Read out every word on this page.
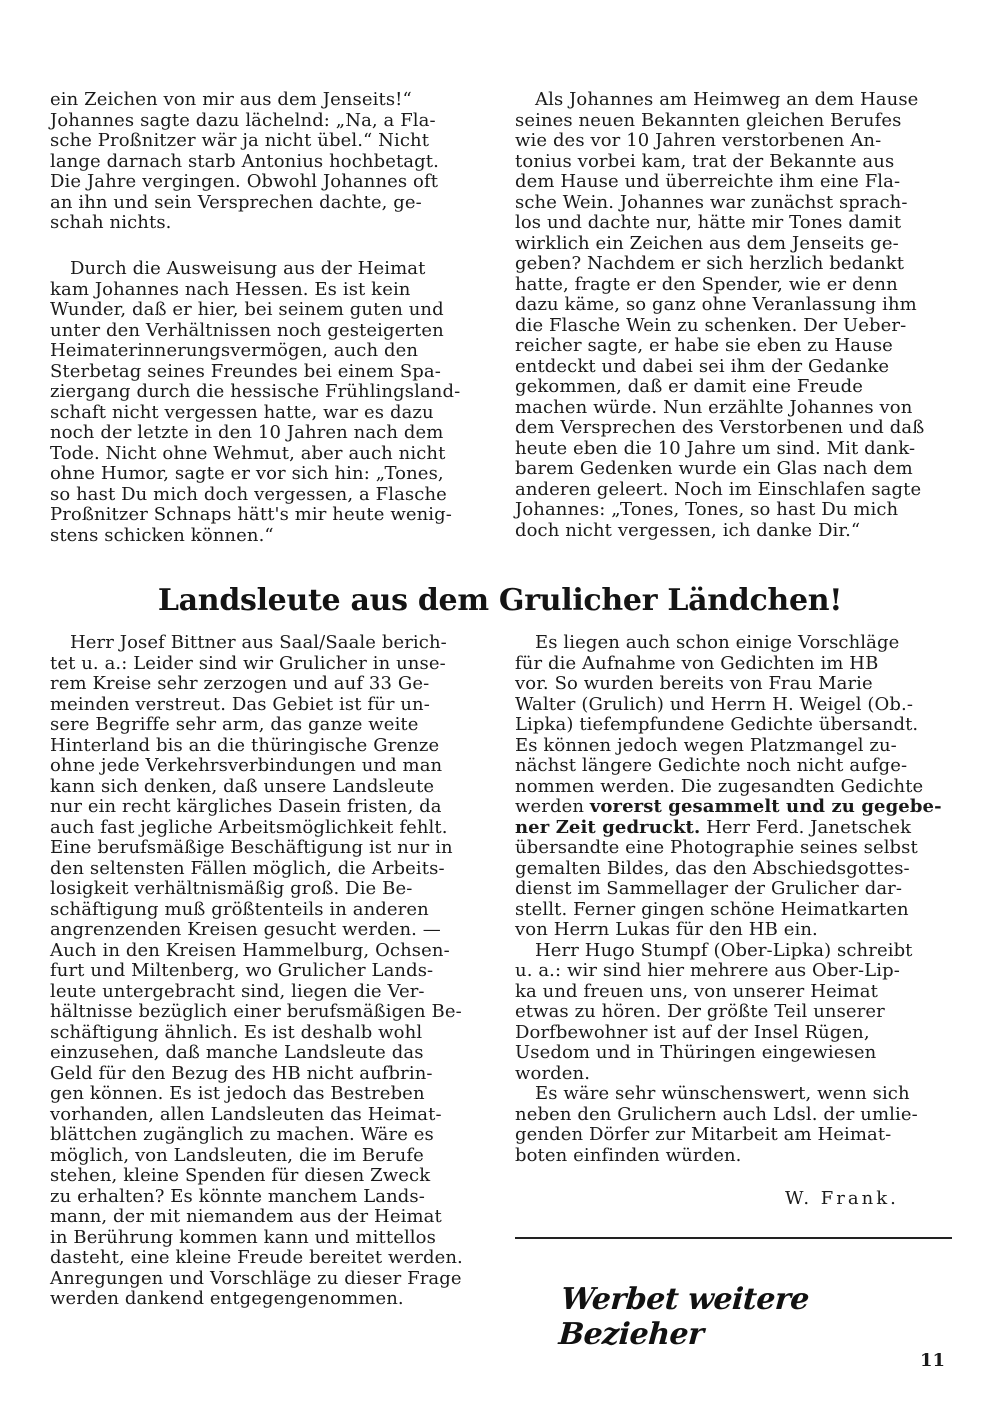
ein Zeichen von mir aus dem Jenseits!“
Johannes sagte dazu lächelnd: „Na, a Fla-
sche Proßnitzer wär ja nicht übel.“ Nicht
lange darnach starb Antonius hochbetagt.
Die Jahre vergingen. Obwohl Johannes oft
an ihn und sein Versprechen dachte, ge-
schah nichts.
Durch die Ausweisung aus der Heimat
kam Johannes nach Hessen. Es ist kein
Wunder, daß er hier, bei seinem guten und
unter den Verhältnissen noch gesteigerten
Heimaterinnerungsvermögen, auch den
Sterbetag seines Freundes bei einem Spa-
ziergang durch die hessische Frühlingsland-
schaft nicht vergessen hatte, war es dazu
noch der letzte in den 10 Jahren nach dem
Tode. Nicht ohne Wehmut, aber auch nicht
ohne Humor, sagte er vor sich hin: „Tones,
so hast Du mich doch vergessen, a Flasche
Proßnitzer Schnaps hätt's mir heute wenig-
stens schicken können.“
Als Johannes am Heimweg an dem Hause
seines neuen Bekannten gleichen Berufes
wie des vor 10 Jahren verstorbenen An-
tonius vorbei kam, trat der Bekannte aus
dem Hause und überreichte ihm eine Fla-
sche Wein. Johannes war zunächst sprach-
los und dachte nur, hätte mir Tones damit
wirklich ein Zeichen aus dem Jenseits ge-
geben? Nachdem er sich herzlich bedankt
hatte, fragte er den Spender, wie er denn
dazu käme, so ganz ohne Veranlassung ihm
die Flasche Wein zu schenken. Der Ueber-
reicher sagte, er habe sie eben zu Hause
entdeckt und dabei sei ihm der Gedanke
gekommen, daß er damit eine Freude
machen würde. Nun erzählte Johannes von
dem Versprechen des Verstorbenen und daß
heute eben die 10 Jahre um sind. Mit dank-
barem Gedenken wurde ein Glas nach dem
anderen geleert. Noch im Einschlafen sagte
Johannes: „Tones, Tones, so hast Du mich
doch nicht vergessen, ich danke Dir.“
Landsleute aus dem Grulicher Ländchen!
Herr Josef Bittner aus Saal/Saale berich-
tet u. a.: Leider sind wir Grulicher in unse-
rem Kreise sehr zerzogen und auf 33 Ge-
meinden verstreut. Das Gebiet ist für un-
sere Begriffe sehr arm, das ganze weite
Hinterland bis an die thüringische Grenze
ohne jede Verkehrsverbindungen und man
kann sich denken, daß unsere Landsleute
nur ein recht kärgliches Dasein fristen, da
auch fast jegliche Arbeitsmöglichkeit fehlt.
Eine berufsmäßige Beschäftigung ist nur in
den seltensten Fällen möglich, die Arbeits-
losigkeit verhältnismäßig groß. Die Be-
schäftigung muß größtenteils in anderen
angrenzenden Kreisen gesucht werden. —
Auch in den Kreisen Hammelburg, Ochsen-
furt und Miltenberg, wo Grulicher Lands-
leute untergebracht sind, liegen die Ver-
hältnisse bezüglich einer berufsmäßigen Be-
schäftigung ähnlich. Es ist deshalb wohl
einzusehen, daß manche Landsleute das
Geld für den Bezug des HB nicht aufbrin-
gen können. Es ist jedoch das Bestreben
vorhanden, allen Landsleuten das Heimat-
blättchen zugänglich zu machen. Wäre es
möglich, von Landsleuten, die im Berufe
stehen, kleine Spenden für diesen Zweck
zu erhalten? Es könnte manchem Lands-
mann, der mit niemandem aus der Heimat
in Berührung kommen kann und mittellos
dasteht, eine kleine Freude bereitet werden.
Anregungen und Vorschläge zu dieser Frage
werden dankend entgegengenommen.
Es liegen auch schon einige Vorschläge
für die Aufnahme von Gedichten im HB
vor. So wurden bereits von Frau Marie
Walter (Grulich) und Herrn H. Weigel (Ob.-
Lipka) tiefempfundene Gedichte übersandt.
Es können jedoch wegen Platzmangel zu-
nächst längere Gedichte noch nicht aufge-
nommen werden. Die zugesandten Gedichte
werden vorerst gesammelt und zu gegebe-
ner Zeit gedruckt. Herr Ferd. Janetschek
übersandte eine Photographie seines selbst
gemalten Bildes, das den Abschiedsgottes-
dienst im Sammellager der Grulicher dar-
stellt. Ferner gingen schöne Heimatkarten
von Herrn Lukas für den HB ein.
Herr Hugo Stumpf (Ober-Lipka) schreibt
u. a.: wir sind hier mehrere aus Ober-Lip-
ka und freuen uns, von unserer Heimat
etwas zu hören. Der größte Teil unserer
Dorfbewohner ist auf der Insel Rügen,
Usedom und in Thüringen eingewiesen
worden.
Es wäre sehr wünschenswert, wenn sich
neben den Grulichern auch Ldsl. der umlie-
genden Dörfer zur Mitarbeit am Heimat-
boten einfinden würden.
W. Frank.
Werbet weitere Bezieher
11
